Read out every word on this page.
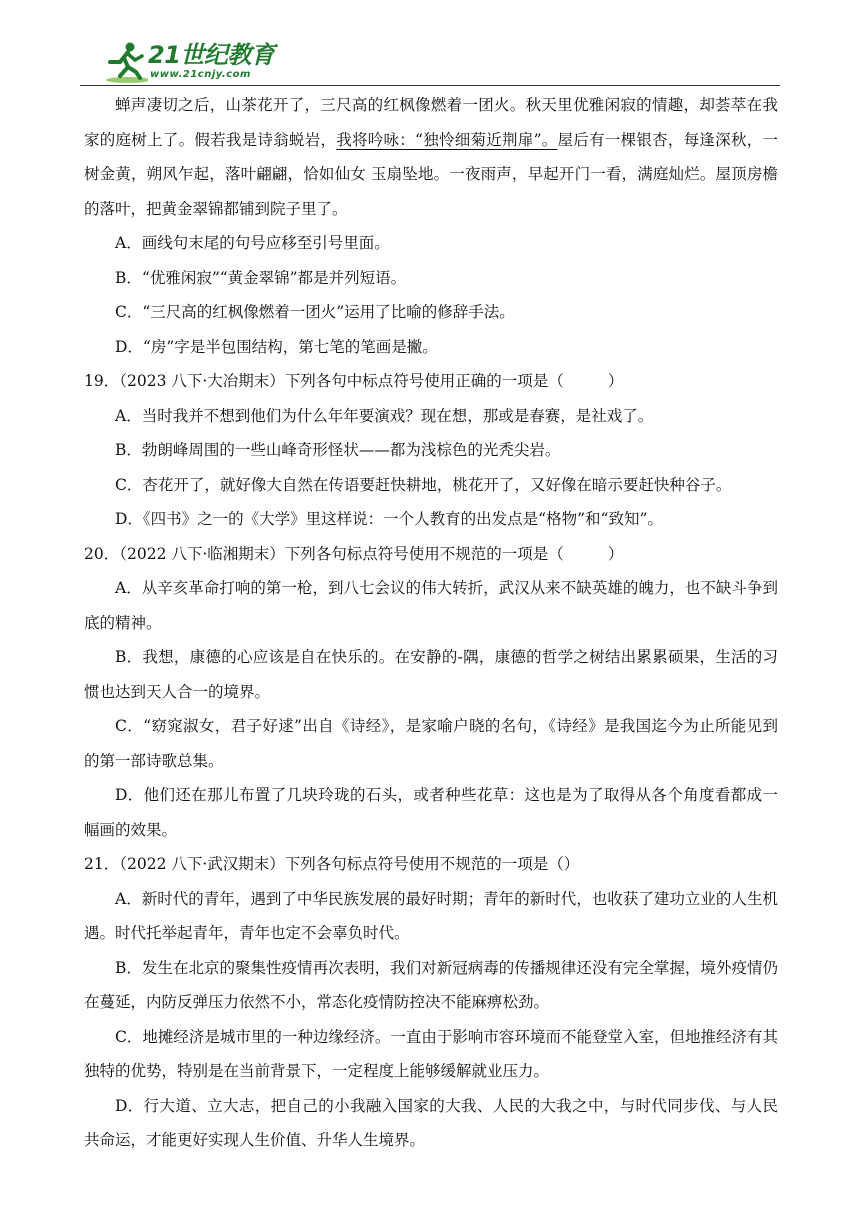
21世纪教育
www.21cnjy.com

蝉声凄切之后，山茶花开了，三尺高的红枫像燃着一团火。秋天里优雅闲寂的情趣，却荟萃在我家的庭树上了。假若我是诗翁蜕岩，我将吟咏：“独怜细菊近荆扉”。屋后有一棵银杏，每逢深秋，一树金黄，朔风乍起，落叶翩翩，恰如仙女 玉扇坠地。一夜雨声，早起开门一看，满庭灿烂。屋顶房檐的落叶，把黄金翠锦都铺到院子里了。

A．画线句末尾的句号应移至引号里面。

B．“优雅闲寂”“黄金翠锦”都是并列短语。

C．“三尺高的红枫像燃着一团火”运用了比喻的修辞手法。

D．“房”字是半包围结构，第七笔的笔画是撇。

19．（2023 八下·大冶期末）下列各句中标点符号使用正确的一项是（	）

A．当时我并不想到他们为什么年年要演戏？现在想，那或是春赛，是社戏了。

B．勃朗峰周围的一些山峰奇形怪状——都为浅棕色的光秃尖岩。

C．杏花开了，就好像大自然在传语要赶快耕地，桃花开了，又好像在暗示要赶快种谷子。

D．《四书》之一的《大学》里这样说：一个人教育的出发点是“格物”和“致知”。

20．（2022 八下·临湘期末）下列各句标点符号使用不规范的一项是（	）

A．从辛亥革命打响的第一枪，到八七会议的伟大转折，武汉从来不缺英雄的魄力，也不缺斗争到底的精神。

B．我想，康德的心应该是自在快乐的。在安静的-隅，康德的哲学之树结出累累硕果，生活的习惯也达到天人合一的境界。

C．“窈窕淑女，君子好逑”出自《诗经》，是家喻户晓的名句，《诗经》是我国迄今为止所能见到的第一部诗歌总集。

D．他们还在那儿布置了几块玲珑的石头，或者种些花草：这也是为了取得从各个角度看都成一幅画的效果。

21．（2022 八下·武汉期末）下列各句标点符号使用不规范的一项是（）

A．新时代的青年，遇到了中华民族发展的最好时期；青年的新时代，也收获了建功立业的人生机遇。时代托举起青年，青年也定不会辜负时代。

B．发生在北京的聚集性疫情再次表明，我们对新冠病毒的传播规律还没有完全掌握，境外疫情仍在蔓延，内防反弹压力依然不小，常态化疫情防控决不能麻痹松劲。

C．地摊经济是城市里的一种边缘经济。一直由于影响市容环境而不能登堂入室，但地推经济有其独特的优势，特别是在当前背景下，一定程度上能够缓解就业压力。

D．行大道、立大志，把自己的小我融入国家的大我、人民的大我之中，与时代同步伐、与人民共命运，才能更好实现人生价值、升华人生境界。
